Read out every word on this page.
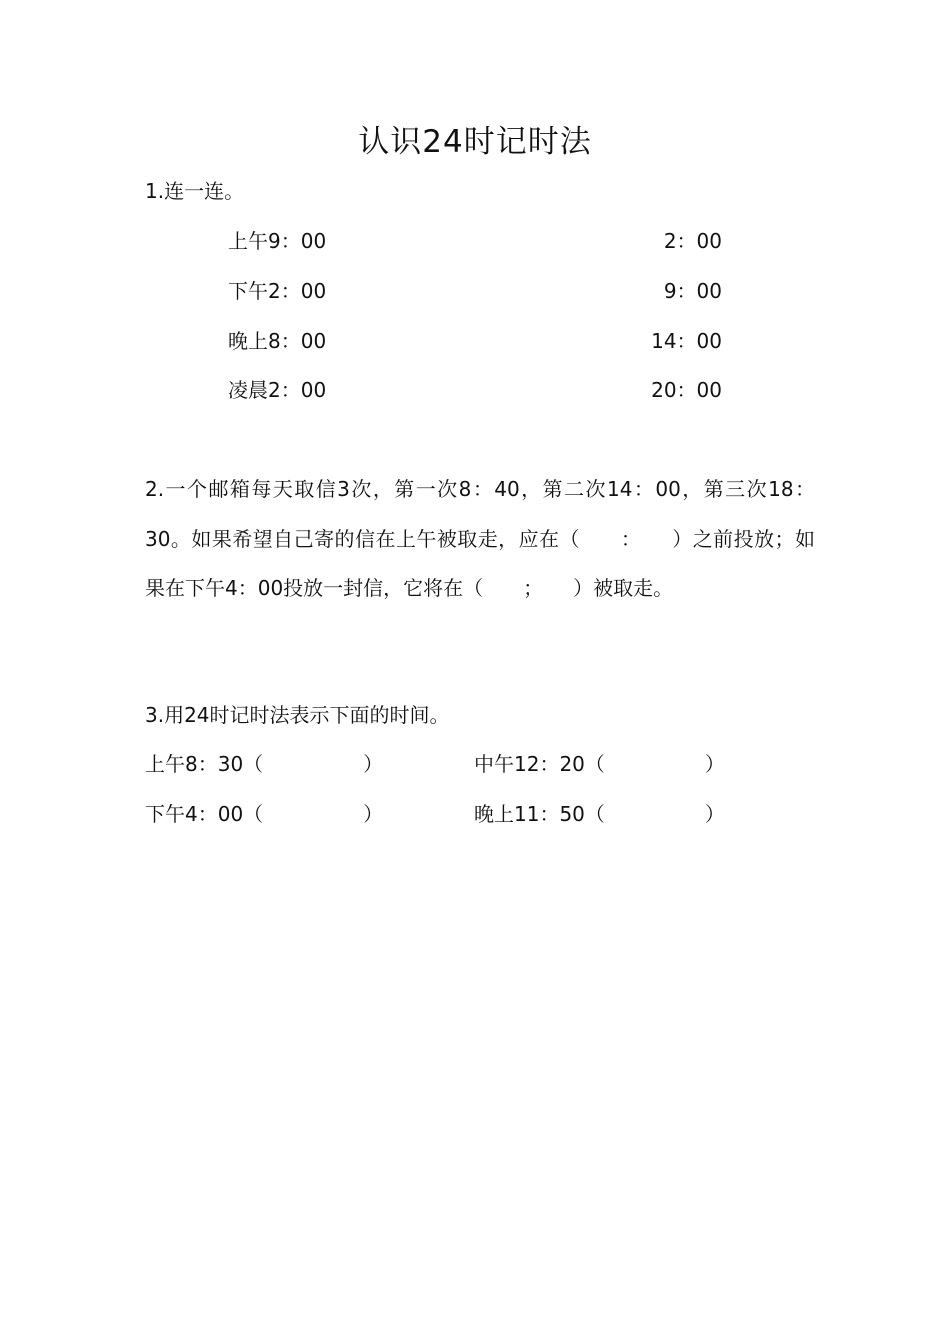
认识24时记时法
1.连一连。
上午9：00
下午2：00
晚上8：00
凌晨2：00
2：00
9：00
14：00
20：00
2.一个邮箱每天取信3次，第一次8：40，第二次14：00，第三次18：30。如果希望自己寄的信在上午被取走，应在（　　：　　）之前投放；如果在下午4：00投放一封信，它将在（　　；　　）被取走。
3.用24时记时法表示下面的时间。
上午8：30（　　　　　）	中午12：20（　　　　　）
下午4：00（　　　　　）	晚上11：50（　　　　　）
